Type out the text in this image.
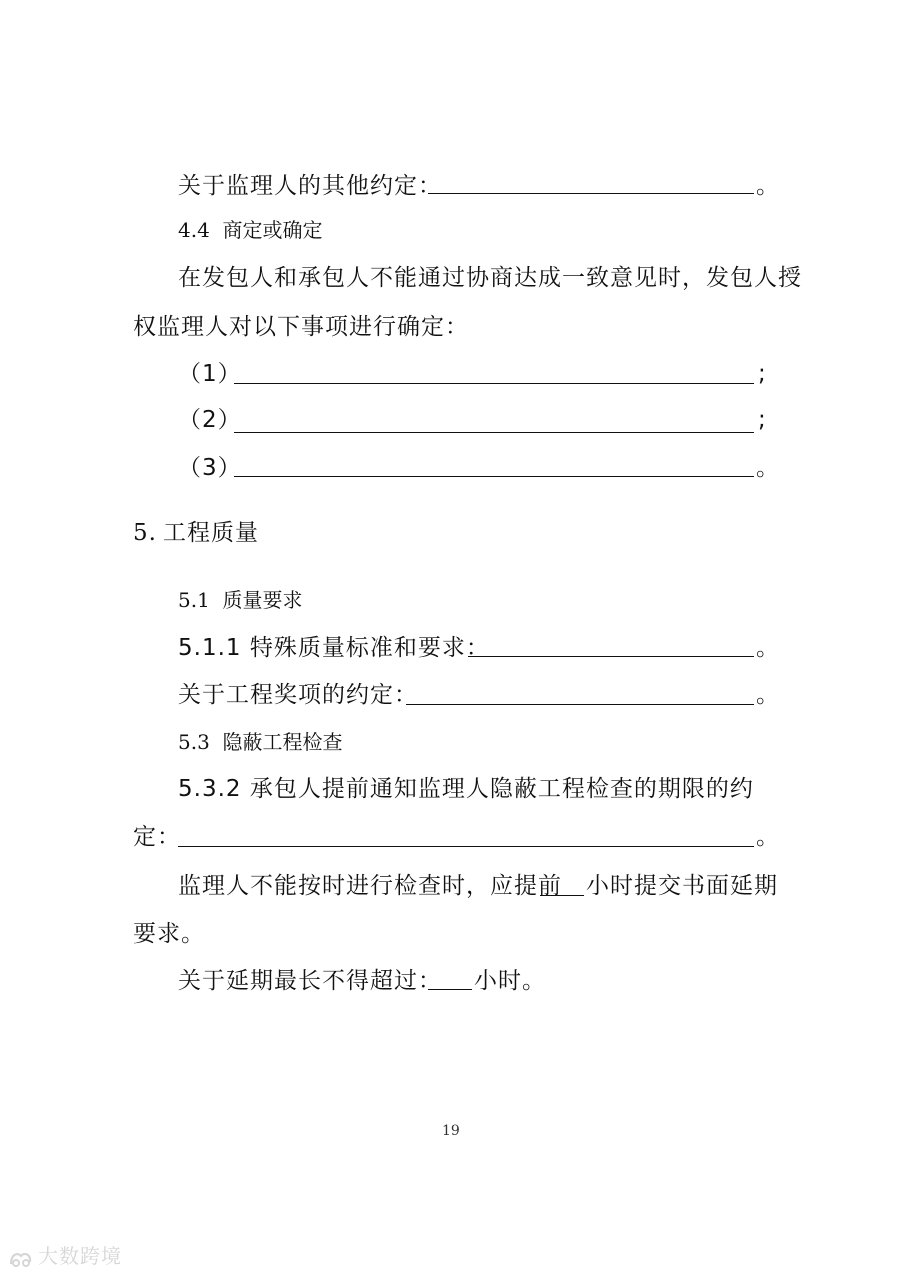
关于监理人的其他约定：	。
4.4 商定或确定
在发包人和承包人不能通过协商达成一致意见时，发包人授
权监理人对以下事项进行确定：
（1）	;
（2）	;
（3）	。
5. 工程质量
5.1 质量要求
5.1.1 特殊质量标准和要求：	。
关于工程奖项的约定：	。
5.3 隐蔽工程检查
5.3.2 承包人提前通知监理人隐蔽工程检查的期限的约
定：	。
监理人不能按时进行检查时，应提前 小时提交书面延期
要求。
关于延期最长不得超过： 小时。
19
大数跨境
